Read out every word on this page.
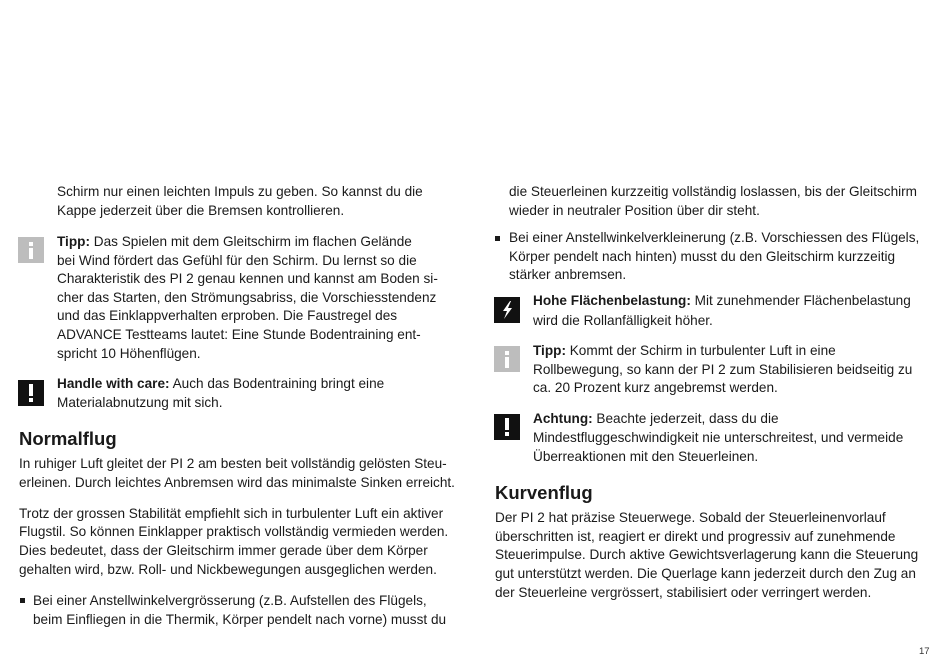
Schirm nur einen leichten Impuls zu geben. So kannst du die
Kappe jederzeit über die Bremsen kontrollieren.
Tipp: Das Spielen mit dem Gleitschirm im flachen Gelände
bei Wind fördert das Gefühl für den Schirm. Du lernst so die
Charakteristik des PI 2 genau kennen und kannst am Boden si-
cher das Starten, den Strömungsabriss, die Vorschiesstendenz
und das Einklappverhalten erproben. Die Faustregel des
ADVANCE Testteams lautet: Eine Stunde Bodentraining ent-
spricht 10 Höhenflügen.
Handle with care: Auch das Bodentraining bringt eine
Materialabnutzung mit sich.
Normalflug
In ruhiger Luft gleitet der PI 2 am besten beit vollständig gelösten Steu-
erleinen. Durch leichtes Anbremsen wird das minimalste Sinken erreicht.
Trotz der grossen Stabilität empfiehlt sich in turbulenter Luft ein aktiver
Flugstil. So können Einklapper praktisch vollständig vermieden werden.
Dies bedeutet, dass der Gleitschirm immer gerade über dem Körper
gehalten wird, bzw. Roll- und Nickbewegungen ausgeglichen werden.
Bei einer Anstellwinkelvergrösserung (z.B. Aufstellen des Flügels,
beim Einfliegen in die Thermik, Körper pendelt nach vorne) musst du
die Steuerleinen kurzzeitig vollständig loslassen, bis der Gleitschirm
wieder in neutraler Position über dir steht.
Bei einer Anstellwinkelverkleinerung (z.B. Vorschiessen des Flügels,
Körper pendelt nach hinten) musst du den Gleitschirm kurzzeitig
stärker anbremsen.
Hohe Flächenbelastung: Mit zunehmender Flächenbelastung
wird die Rollanfälligkeit höher.
Tipp: Kommt der Schirm in turbulenter Luft in eine
Rollbewegung, so kann der PI 2 zum Stabilisieren beidseitig zu
ca. 20 Prozent kurz angebremst werden.
Achtung: Beachte jederzeit, dass du die
Mindestfluggeschwindigkeit nie unterschreitest, und vermeide
Überreaktionen mit den Steuerleinen.
Kurvenflug
Der PI 2 hat präzise Steuerwege. Sobald der Steuerleinenvorlauf
überschritten ist, reagiert er direkt und progressiv auf zunehmende
Steuerimpulse. Durch aktive Gewichtsverlagerung kann die Steuerung
gut unterstützt werden. Die Querlage kann jederzeit durch den Zug an
der Steuerleine vergrössert, stabilisiert oder verringert werden.
17
